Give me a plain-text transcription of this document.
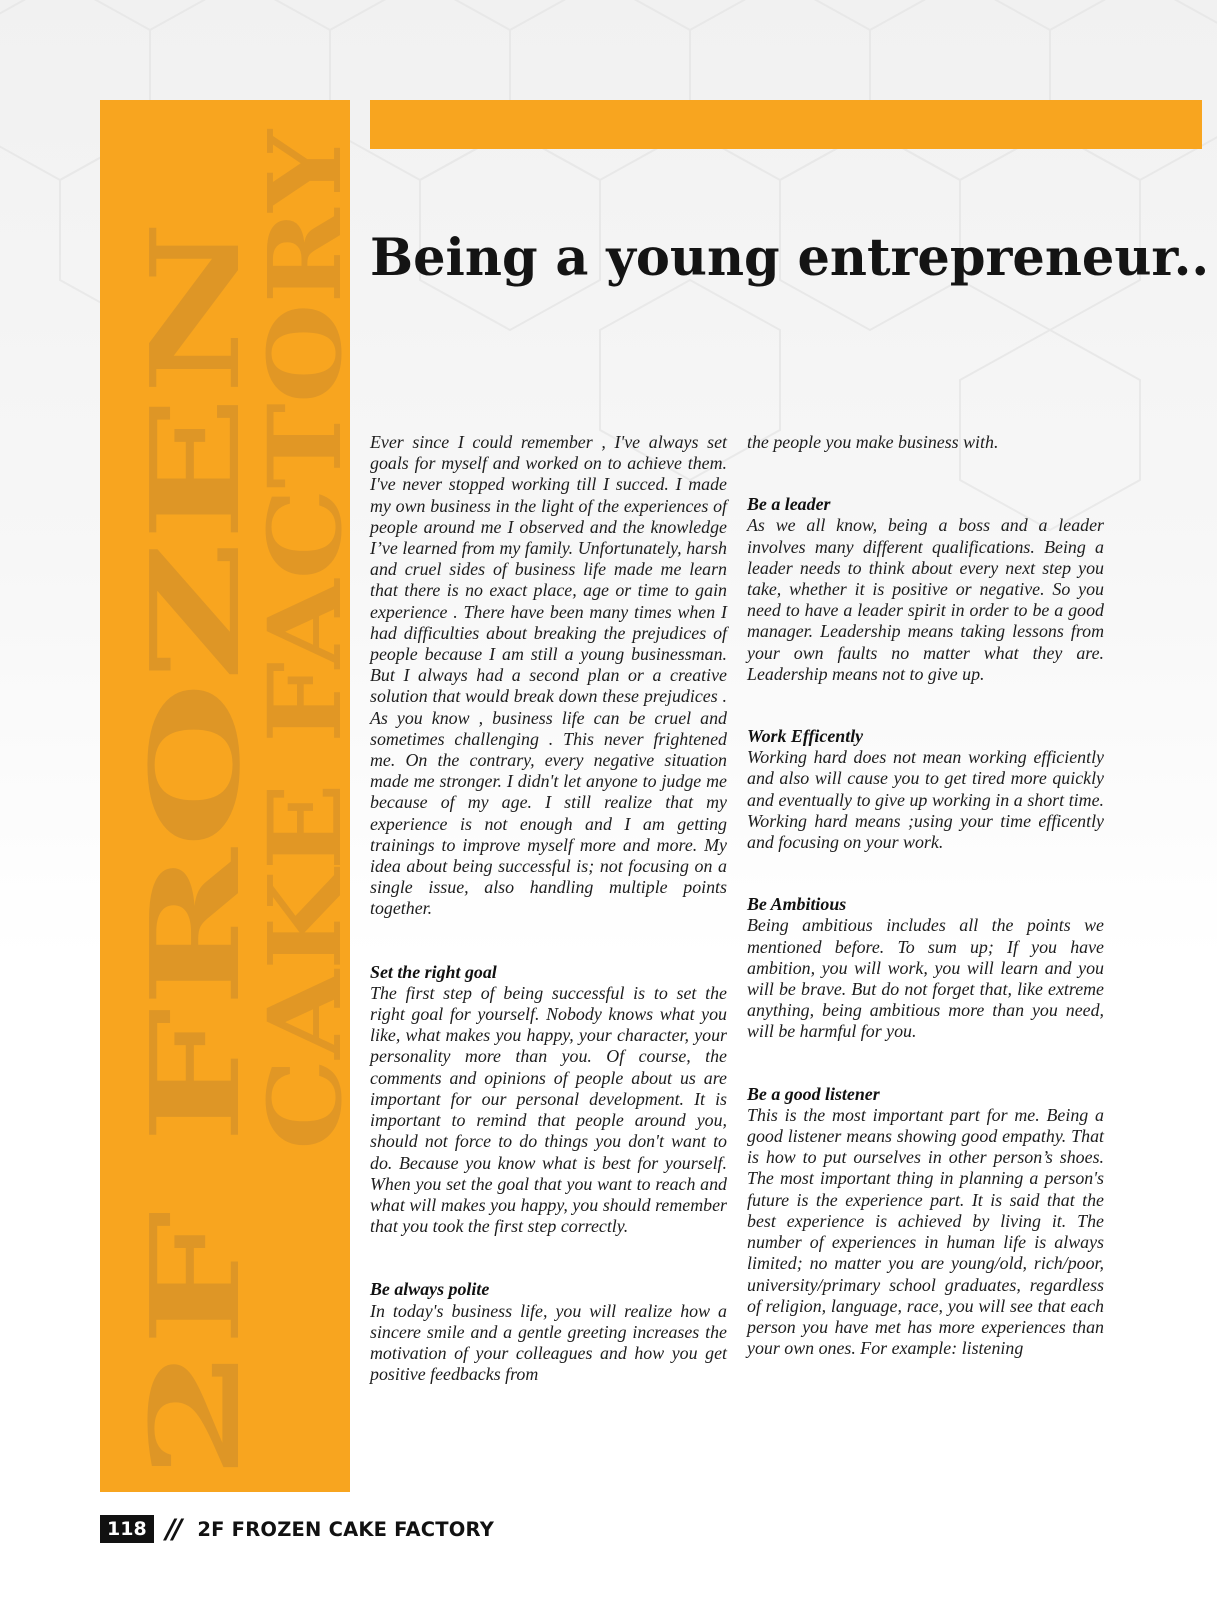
2F FROZEN
CAKE FACTORY
Being a young entrepreneur..

Ever since I could remember , I've always set goals for myself and worked on to achieve them. I've never stopped working till I succed. I made my own business in the light of the experiences of people around me I observed and the knowledge I’ve learned from my family. Unfortunately, harsh and cruel sides of business life made me learn that there is no exact place, age or time to gain experience . There have been many times when I had difficulties about breaking the prejudices of people because I am still a young businessman. But I always had a second plan or a creative solution that would break down these prejudices . As you know , business life can be cruel and sometimes challenging . This never frightened me. On the contrary, every negative situation made me stronger. I didn't let anyone to judge me because of my age. I still realize that my experience is not enough and I am getting trainings to improve myself more and more. My idea about being successful is; not focusing on a single issue, also handling multiple points together.

Set the right goal

The first step of being successful is to set the right goal for yourself. Nobody knows what you like, what makes you happy, your character, your personality more than you. Of course, the comments and opinions of people about us are important for our personal development. It is important to remind that people around you, should not force to do things you don't want to do. Because you know what is best for yourself. When you set the goal that you want to reach and what will makes you happy, you should remember that you took the first step correctly.

Be always polite

In today's business life, you will realize how a sincere smile and a gentle greeting increases the motivation of your colleagues and how you get positive feedbacks from

the people you make business with.

Be a leader

As we all know, being a boss and a leader involves many different qualifications. Being a leader needs to think about every next step you take, whether it is positive or negative. So you need to have a leader spirit in order to be a good manager. Leadership means taking lessons from your own faults no matter what they are. Leadership means not to give up.

Work Efficently

Working hard does not mean working efficiently and also will cause you to get tired more quickly and eventually to give up working in a short time. Working hard means ;using your time efficently and focusing on your work.

Be Ambitious

Being ambitious includes all the points we mentioned before. To sum up; If you have ambition, you will work, you will learn and you will be brave. But do not forget that, like extreme anything, being ambitious more than you need, will be harmful for you.

Be a good listener

This is the most important part for me. Being a good listener means showing good empathy. That is how to put ourselves in other person’s shoes. The most important thing in planning a person's future is the experience part. It is said that the best experience is achieved by living it. The number of experiences in human life is always limited; no matter you are young/old, rich/poor, university/primary school graduates, regardless of religion, language, race, you will see that each person you have met has more experiences than your own ones. For example: listening

118 // 2F FROZEN CAKE FACTORY
